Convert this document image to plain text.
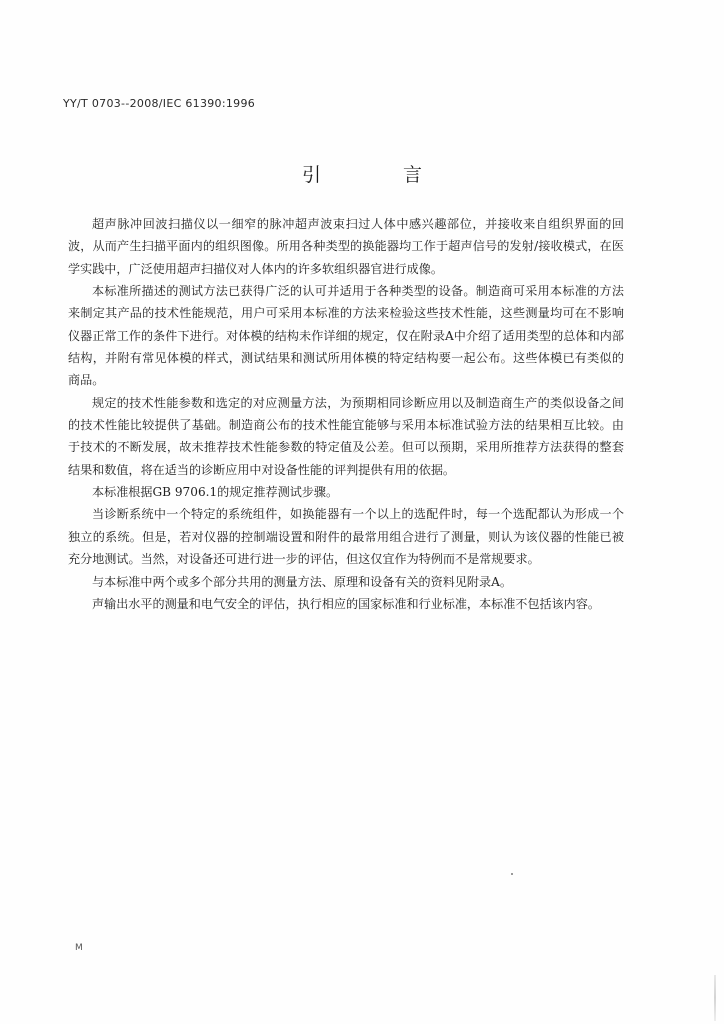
YY/T 0703--2008/IEC 61390:1996
引 言

超声脉冲回波扫描仪以一细窄的脉冲超声波束扫过人体中感兴趣部位，并接收来自组织界面的回波，从而产生扫描平面内的组织图像。所用各种类型的换能器均工作于超声信号的发射/接收模式，在医学实践中，广泛使用超声扫描仪对人体内的许多软组织器官进行成像。

本标准所描述的测试方法已获得广泛的认可并适用于各种类型的设备。制造商可采用本标准的方法来制定其产品的技术性能规范，用户可采用本标准的方法来检验这些技术性能，这些测量均可在不影响仪器正常工作的条件下进行。对体模的结构未作详细的规定，仅在附录A中介绍了适用类型的总体和内部结构，并附有常见体模的样式，测试结果和测试所用体模的特定结构要一起公布。这些体模已有类似的商品。

规定的技术性能参数和选定的对应测量方法，为预期相同诊断应用以及制造商生产的类似设备之间的技术性能比较提供了基础。制造商公布的技术性能宜能够与采用本标准试验方法的结果相互比较。由于技术的不断发展，故未推荐技术性能参数的特定值及公差。但可以预期，采用所推荐方法获得的整套结果和数值，将在适当的诊断应用中对设备性能的评判提供有用的依据。

本标准根据GB 9706.1的规定推荐测试步骤。

当诊断系统中一个特定的系统组件，如换能器有一个以上的选配件时，每一个选配都认为形成一个独立的系统。但是，若对仪器的控制端设置和附件的最常用组合进行了测量，则认为该仪器的性能已被充分地测试。当然，对设备还可进行进一步的评估，但这仅宜作为特例而不是常规要求。

与本标准中两个或多个部分共用的测量方法、原理和设备有关的资料见附录A。

声输出水平的测量和电气安全的评估，执行相应的国家标准和行业标准，本标准不包括该内容。

M
